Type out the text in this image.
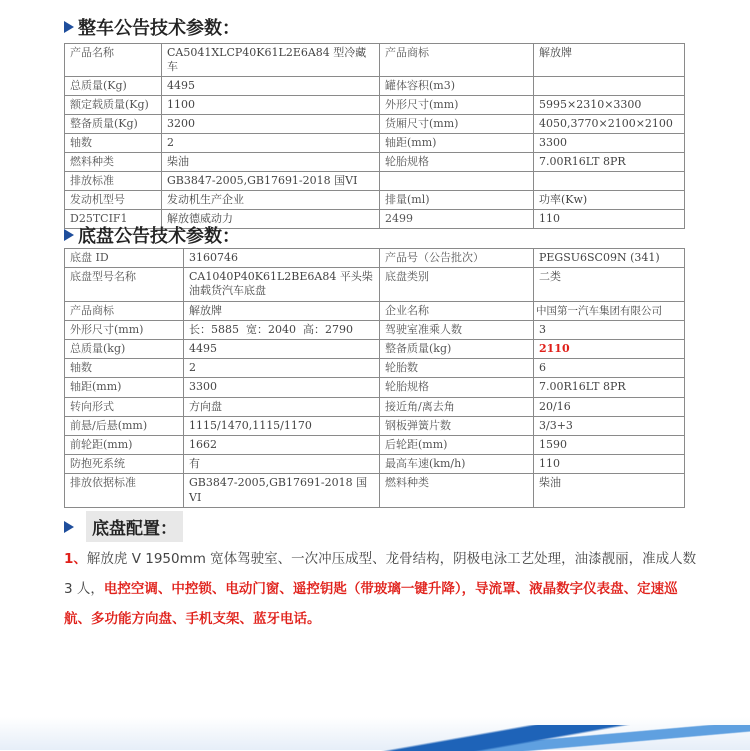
整车公告技术参数：
产品名称	CA5041XLCP40K61L2E6A84 型冷藏车	产品商标	解放牌
总质量(Kg)	4495	罐体容积(m3)	
额定载质量(Kg)	1100	外形尺寸(mm)	5995×2310×3300
整备质量(Kg)	3200	货厢尺寸(mm)	4050,3770×2100×2100
轴数	2	轴距(mm)	3300
燃料种类	柴油	轮胎规格	7.00R16LT 8PR
排放标准	GB3847-2005,GB17691-2018 国VI		
发动机型号	发动机生产企业	排量(ml)	功率(Kw)
D25TCIF1	解放德威动力	2499	110
底盘公告技术参数：
底盘 ID	3160746	产品号（公告批次）	PEGSU6SC09N (341)
底盘型号名称	CA1040P40K61L2BE6A84 平头柴油载货汽车底盘	底盘类别	二类
产品商标	解放牌	企业名称	中国第一汽车集团有限公司
外形尺寸(mm)	长：5885  宽：2040  高：2790	驾驶室准乘人数	3
总质量(kg)	4495	整备质量(kg)	2110
轴数	2	轮胎数	6
轴距(mm)	3300	轮胎规格	7.00R16LT 8PR
转向形式	方向盘	接近角/离去角	20/16
前悬/后悬(mm)	1115/1470,1115/1170	钢板弹簧片数	3/3+3
前轮距(mm)	1662	后轮距(mm)	1590
防抱死系统	有	最高车速(km/h)	110
排放依据标准	GB3847-2005,GB17691-2018 国VI	燃料种类	柴油
底盘配置：
1、解放虎 V 1950mm 宽体驾驶室、一次冲压成型、龙骨结构，阴极电泳工艺处理，油漆靓丽，准成人数 3 人，电控空调、中控锁、电动门窗、遥控钥匙（带玻璃一键升降），导流罩、液晶数字仪表盘、定速巡航、多功能方向盘、手机支架、蓝牙电话。
